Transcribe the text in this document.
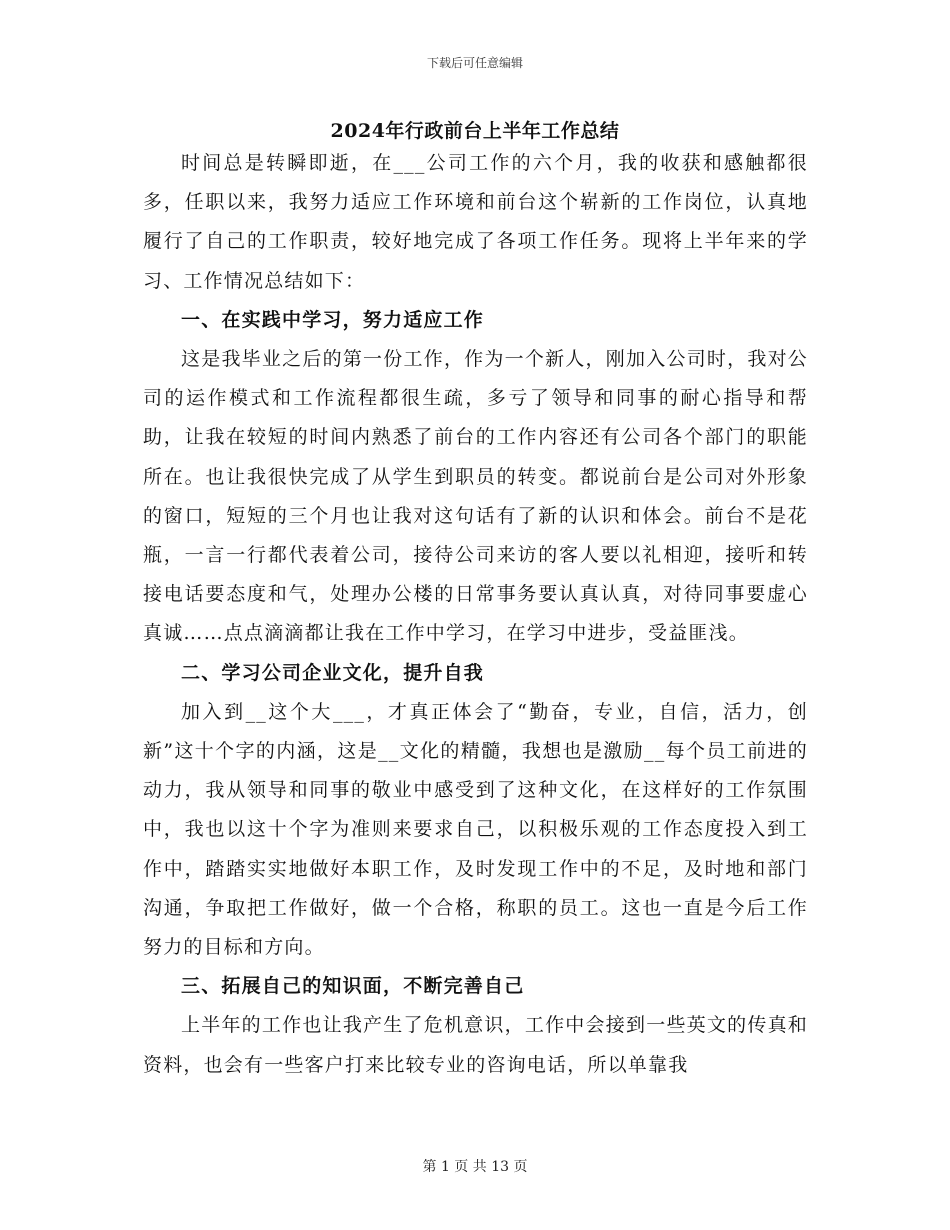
下载后可任意编辑
2024年行政前台上半年工作总结

时间总是转瞬即逝，在___公司工作的六个月，我的收获和感触都很多，任职以来，我努力适应工作环境和前台这个崭新的工作岗位，认真地履行了自己的工作职责，较好地完成了各项工作任务。现将上半年来的学习、工作情况总结如下：

一、在实践中学习，努力适应工作

这是我毕业之后的第一份工作，作为一个新人，刚加入公司时，我对公司的运作模式和工作流程都很生疏，多亏了领导和同事的耐心指导和帮助，让我在较短的时间内熟悉了前台的工作内容还有公司各个部门的职能所在。也让我很快完成了从学生到职员的转变。都说前台是公司对外形象的窗口，短短的三个月也让我对这句话有了新的认识和体会。前台不是花瓶，一言一行都代表着公司，接待公司来访的客人要以礼相迎，接听和转接电话要态度和气，处理办公楼的日常事务要认真认真，对待同事要虚心真诚……点点滴滴都让我在工作中学习，在学习中进步，受益匪浅。

二、学习公司企业文化，提升自我

加入到__这个大___，才真正体会了“勤奋，专业，自信，活力，创新”这十个字的内涵，这是__文化的精髓，我想也是激励__每个员工前进的动力，我从领导和同事的敬业中感受到了这种文化，在这样好的工作氛围中，我也以这十个字为准则来要求自己，以积极乐观的工作态度投入到工作中，踏踏实实地做好本职工作，及时发现工作中的不足，及时地和部门沟通，争取把工作做好，做一个合格，称职的员工。这也一直是今后工作努力的目标和方向。

三、拓展自己的知识面，不断完善自己

上半年的工作也让我产生了危机意识，工作中会接到一些英文的传真和资料，也会有一些客户打来比较专业的咨询电话，所以单靠我

第 1 页 共 13 页
